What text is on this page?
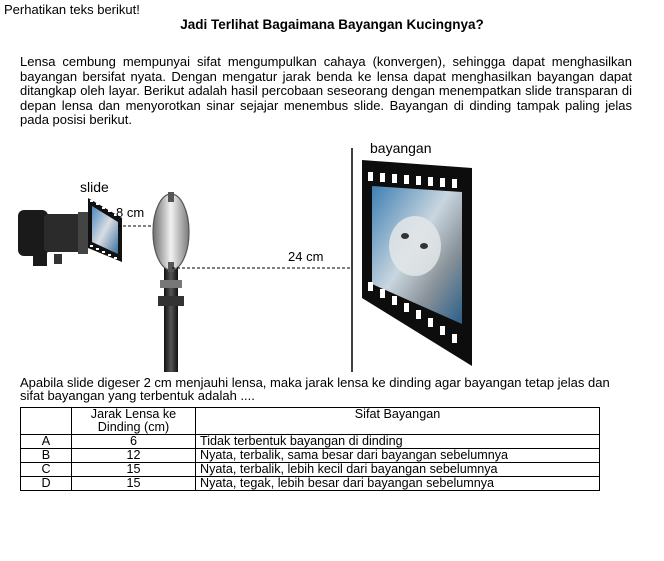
Perhatikan teks berikut!
Jadi Terlihat Bagaimana Bayangan Kucingnya?
Lensa cembung mempunyai sifat mengumpulkan cahaya (konvergen), sehingga dapat menghasilkan bayangan bersifat nyata. Dengan mengatur jarak benda ke lensa dapat menghasilkan bayangan dapat ditangkap oleh layar. Berikut adalah hasil percobaan seseorang dengan menempatkan slide transparan di depan lensa dan menyorotkan sinar sejajar menembus slide. Bayangan di dinding tampak paling jelas pada posisi berikut.
slide
8 cm
24 cm
bayangan
Apabila slide digeser 2 cm menjauhi lensa, maka jarak lensa ke dinding agar bayangan tetap jelas dan sifat bayangan yang terbentuk adalah ....
	Jarak Lensa ke Dinding (cm)	Sifat Bayangan
A	6	Tidak terbentuk bayangan di dinding
B	12	Nyata, terbalik, sama besar dari bayangan sebelumnya
C	15	Nyata, terbalik, lebih kecil dari bayangan sebelumnya
D	15	Nyata, tegak, lebih besar dari bayangan sebelumnya
